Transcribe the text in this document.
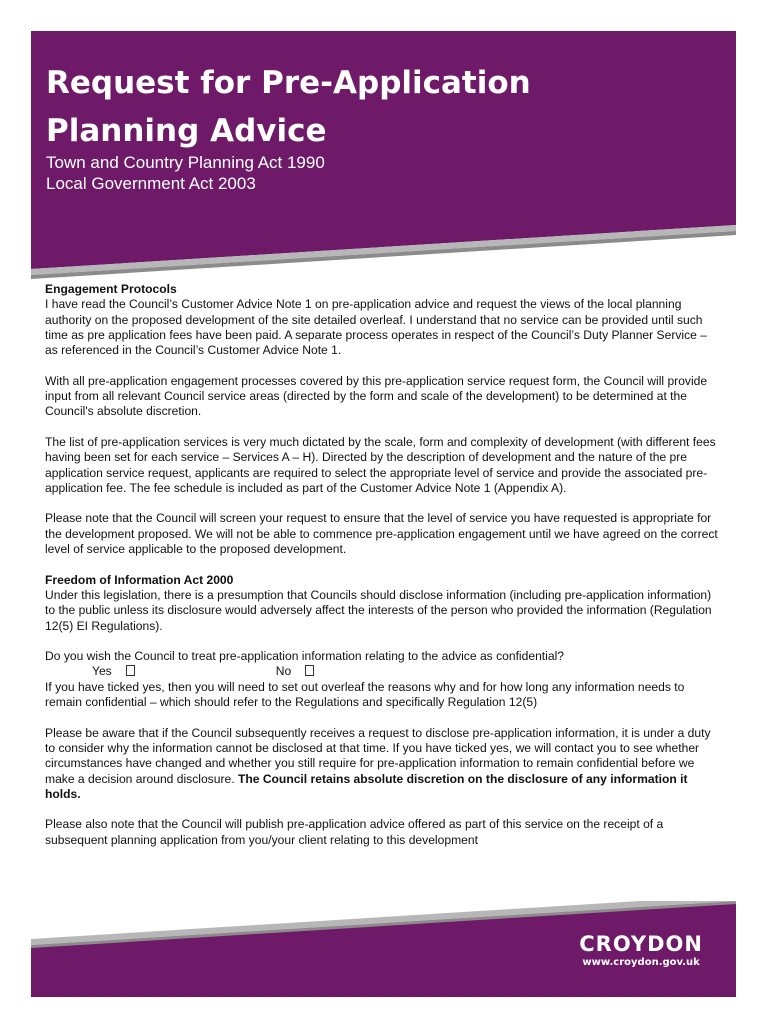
Request for Pre-Application
Planning Advice

Town and Country Planning Act 1990
Local Government Act 2003

Engagement Protocols

I have read the Council’s Customer Advice Note 1 on pre-application advice and request the views of the local planning authority on the proposed development of the site detailed overleaf. I understand that no service can be provided until such time as pre application fees have been paid. A separate process operates in respect of the Council’s Duty Planner Service – as referenced in the Council’s Customer Advice Note 1.

With all pre-application engagement processes covered by this pre-application service request form, the Council will provide input from all relevant Council service areas (directed by the form and scale of the development) to be determined at the Council's absolute discretion.

The list of pre-application services is very much dictated by the scale, form and complexity of development (with different fees having been set for each service – Services A – H). Directed by the description of development and the nature of the pre application service request, applicants are required to select the appropriate level of service and provide the associated pre-application fee. The fee schedule is included as part of the Customer Advice Note 1 (Appendix A).

Please note that the Council will screen your request to ensure that the level of service you have requested is appropriate for the development proposed. We will not be able to commence pre-application engagement until we have agreed on the correct level of service applicable to the proposed development.

Freedom of Information Act 2000

Under this legislation, there is a presumption that Councils should disclose information (including pre-application information) to the public unless its disclosure would adversely affect the interests of the person who provided the information (Regulation 12(5) EI Regulations).

Do you wish the Council to treat pre-application information relating to the advice as confidential?

Yes	No

If you have ticked yes, then you will need to set out overleaf the reasons why and for how long any information needs to remain confidential – which should refer to the Regulations and specifically Regulation 12(5)

Please be aware that if the Council subsequently receives a request to disclose pre-application information, it is under a duty to consider why the information cannot be disclosed at that time. If you have ticked yes, we will contact you to see whether circumstances have changed and whether you still require for pre-application information to remain confidential before we make a decision around disclosure. The Council retains absolute discretion on the disclosure of any information it holds.

Please also note that the Council will publish pre-application advice offered as part of this service on the receipt of a subsequent planning application from you/your client relating to this development

CROYDON
www.croydon.gov.uk
